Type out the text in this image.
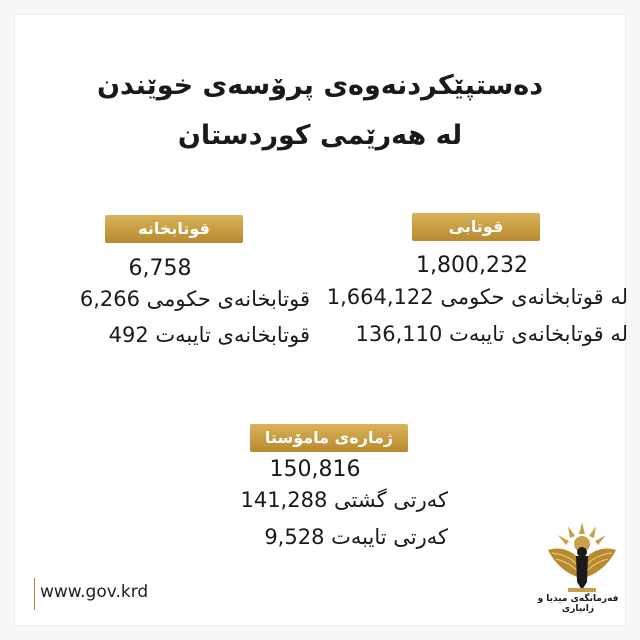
دەستپێکردنەوەی پرۆسەی خوێندن
لە هەرێمی کوردستان
قوتابخانە
6,758
قوتابخانەی حکومی 6,266
قوتابخانەی تایبەت 492
قوتابی
1,800,232
لە قوتابخانەی حکومی 1,664,122
لە قوتابخانەی تایبەت 136,110
ژمارەی مامۆستا
150,816
کەرتی گشتی 141,288
کەرتی تایبەت 9,528
www.gov.krd	فەرمانگەی میدیا و زانیاری
